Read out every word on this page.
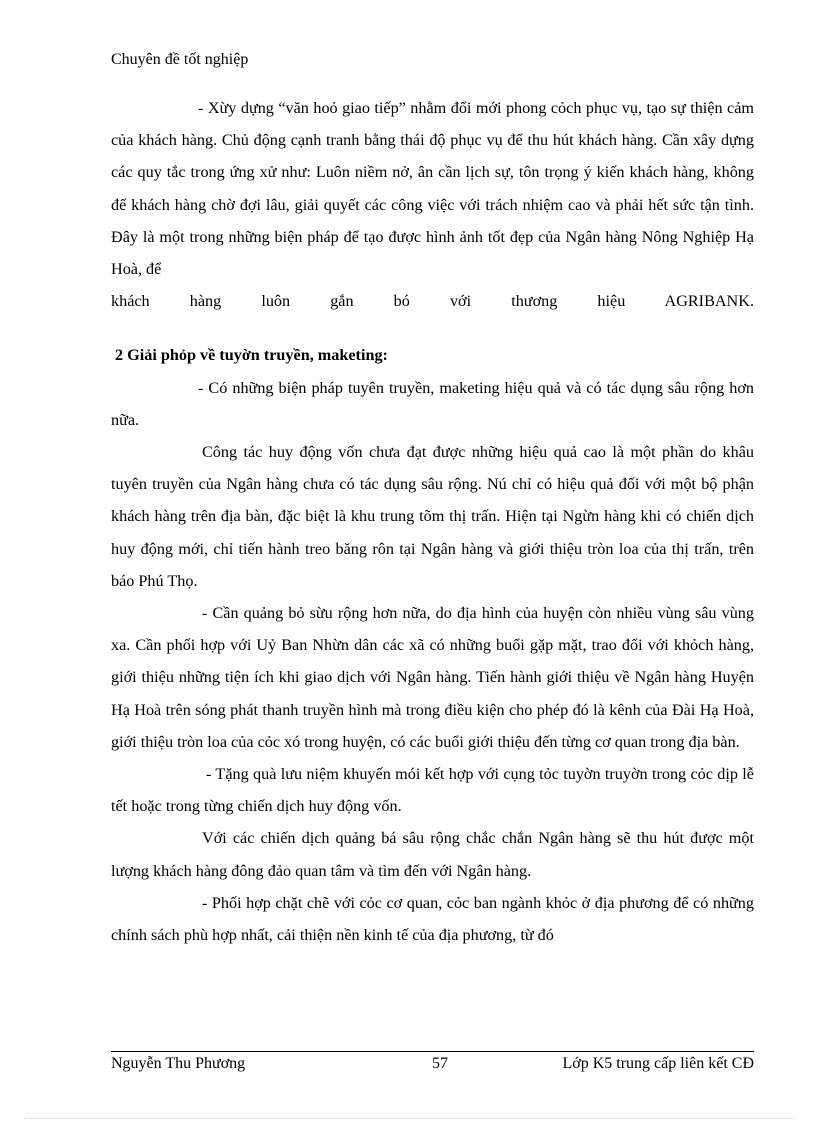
Chuyên đề tốt nghiệp

- Xừy dựng “văn hoỏ giao tiếp” nhằm đổi mới phong cỏch phục vụ, tạo sự thiện cảm của khách hàng. Chủ động cạnh tranh bằng thái độ phục vụ để thu hút khách hàng. Cần xây dựng các quy tắc trong ứng xử như: Luôn niềm nở, ân cần lịch sự, tôn trọng ý kiến khách hàng, không để khách hàng chờ đợi lâu, giải quyết các công việc với trách nhiệm cao và phải hết sức tận tình. Đây là một trong những biện pháp để tạo được hình ảnh tốt đẹp của Ngân hàng Nông Nghiệp Hạ Hoà, để

khách hàng luôn gắn bó với thương hiệu AGRIBANK.

2 Giải phỏp về tuyờn truyền, maketing:

- Có những biện pháp tuyên truyền, maketing hiệu quả và có tác dụng sâu rộng hơn nữa.

Công tác huy động vốn chưa đạt được những hiệu quả cao là một phần do khâu tuyên truyền của Ngân hàng chưa có tác dụng sâu rộng. Nú chỉ có hiệu quả đối với một bộ phận khách hàng trên địa bàn, đặc biệt là khu trung tõm thị trấn. Hiện tại Ngừn hàng khi có chiến dịch huy động mới, chỉ tiến hành treo băng rôn tại Ngân hàng và giới thiệu tròn loa của thị trấn, trên báo Phú Thọ.

- Cần quảng bỏ sừu rộng hơn nữa, do địa hình của huyện còn nhiều vùng sâu vùng xa. Cần phối hợp với Uỷ Ban Nhừn dân các xã có những buổi gặp mặt, trao đổi với khỏch hàng, giới thiệu những tiện ích khi giao dịch với Ngân hàng. Tiến hành giới thiệu về Ngân hàng Huyện Hạ Hoà trên sóng phát thanh truyền hình mà trong điều kiện cho phép đó là kênh của Đài Hạ Hoà, giới thiệu tròn loa của cỏc xó trong huyện, có các buổi giới thiệu đến từng cơ quan trong địa bàn.

- Tặng quà lưu niệm khuyến mói kết hợp với cụng tỏc tuyờn truyờn trong cỏc dịp lễ tết hoặc trong từng chiến dịch huy động vốn.

Với các chiến dịch quảng bá sâu rộng chắc chắn Ngân hàng sẽ thu hút được một lượng khách hàng đông đảo quan tâm và tìm đến với Ngân hàng.

- Phối hợp chặt chẽ với cỏc cơ quan, cỏc ban ngành khỏc ở địa phương để có những chính sách phù hợp nhất, cải thiện nền kinh tế của địa phương, từ đó

Nguyễn Thu Phương	57	Lớp K5 trung cấp liên kết CĐ
